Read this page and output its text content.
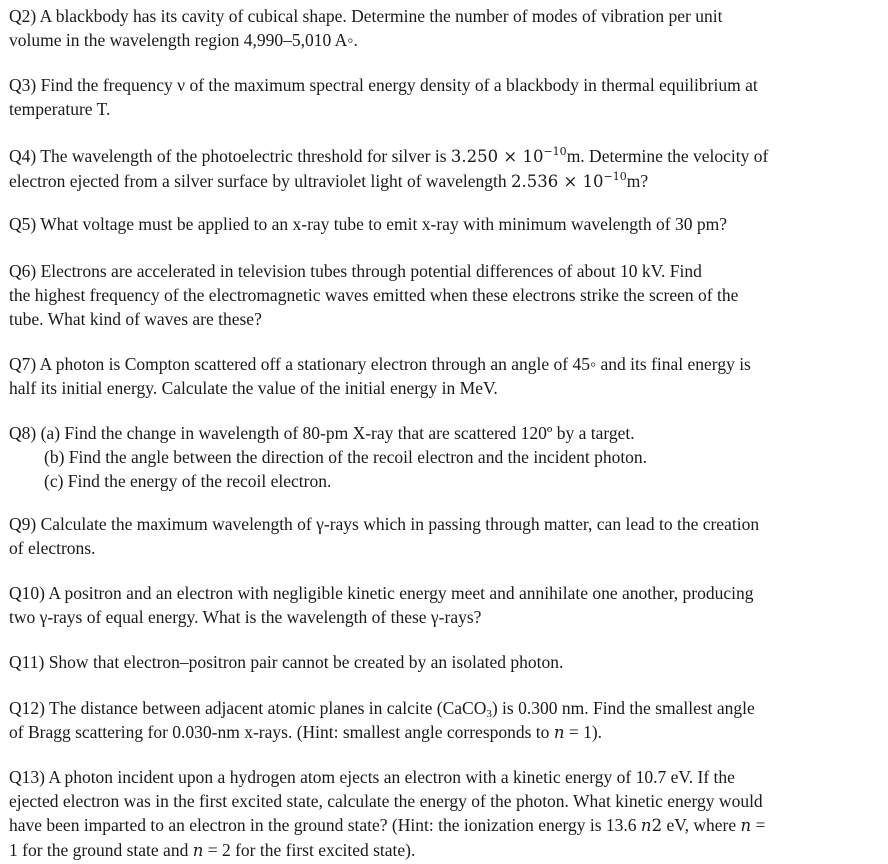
Q2) A blackbody has its cavity of cubical shape. Determine the number of modes of vibration per unit
volume in the wavelength region 4,990–5,010 A◦.
Q3) Find the frequency ν of the maximum spectral energy density of a blackbody in thermal equilibrium at
temperature T.
Q4) The wavelength of the photoelectric threshold for silver is $3.250 \times 10^{-10}m$. Determine the velocity of
electron ejected from a silver surface by ultraviolet light of wavelength $2.536 \times 10^{-10}m$?
Q5) What voltage must be applied to an x-ray tube to emit x-ray with minimum wavelength of 30 pm?
Q6) Electrons are accelerated in television tubes through potential differences of about 10 kV. Find
the highest frequency of the electromagnetic waves emitted when these electrons strike the screen of the
tube. What kind of waves are these?
Q7) A photon is Compton scattered off a stationary electron through an angle of 45◦ and its final energy is
half its initial energy. Calculate the value of the initial energy in MeV.
Q8) (a) Find the change in wavelength of 80-pm X-ray that are scattered 120º by a target.
(b) Find the angle between the direction of the recoil electron and the incident photon.
(c) Find the energy of the recoil electron.
Q9) Calculate the maximum wavelength of γ-rays which in passing through matter, can lead to the creation
of electrons.
Q10) A positron and an electron with negligible kinetic energy meet and annihilate one another, producing
two γ-rays of equal energy. What is the wavelength of these γ-rays?
Q11) Show that electron–positron pair cannot be created by an isolated photon.
Q12) The distance between adjacent atomic planes in calcite (CaCO$_3$) is 0.300 nm. Find the smallest angle
of Bragg scattering for 0.030-nm x-rays. (Hint: smallest angle corresponds to n = 1).
Q13) A photon incident upon a hydrogen atom ejects an electron with a kinetic energy of 10.7 eV. If the
ejected electron was in the first excited state, calculate the energy of the photon. What kinetic energy would
have been imparted to an electron in the ground state? (Hint: the ionization energy is 13.6 n2 eV, where n =
1 for the ground state and n = 2 for the first excited state).
